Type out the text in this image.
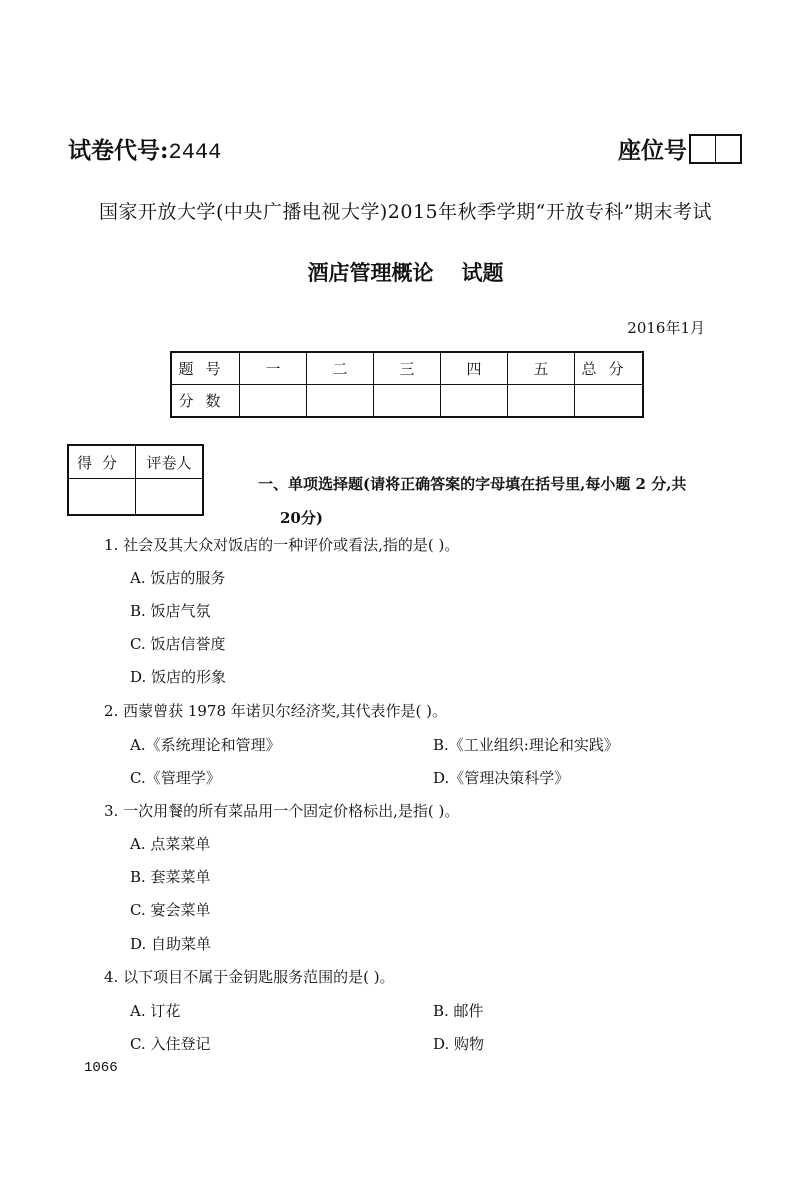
试卷代号:2444	座位号
国家开放大学(中央广播电视大学)2015年秋季学期“开放专科”期末考试
酒店管理概论 试题
2016年1月
题号	一	二	三	四	五	总分
分数						
得分	评卷人

一、单项选择题(请将正确答案的字母填在括号里,每小题 2 分,共
20分)
1. 社会及其大众对饭店的一种评价或看法,指的是( )。
A. 饭店的服务
B. 饭店气氛
C. 饭店信誉度
D. 饭店的形象
2. 西蒙曾获 1978 年诺贝尔经济奖,其代表作是( )。
A.《系统理论和管理》	B.《工业组织:理论和实践》
C.《管理学》	D.《管理决策科学》
3. 一次用餐的所有菜品用一个固定价格标出,是指( )。
A. 点菜菜单
B. 套菜菜单
C. 宴会菜单
D. 自助菜单
4. 以下项目不属于金钥匙服务范围的是( )。
A. 订花	B. 邮件
C. 入住登记	D. 购物
1066
